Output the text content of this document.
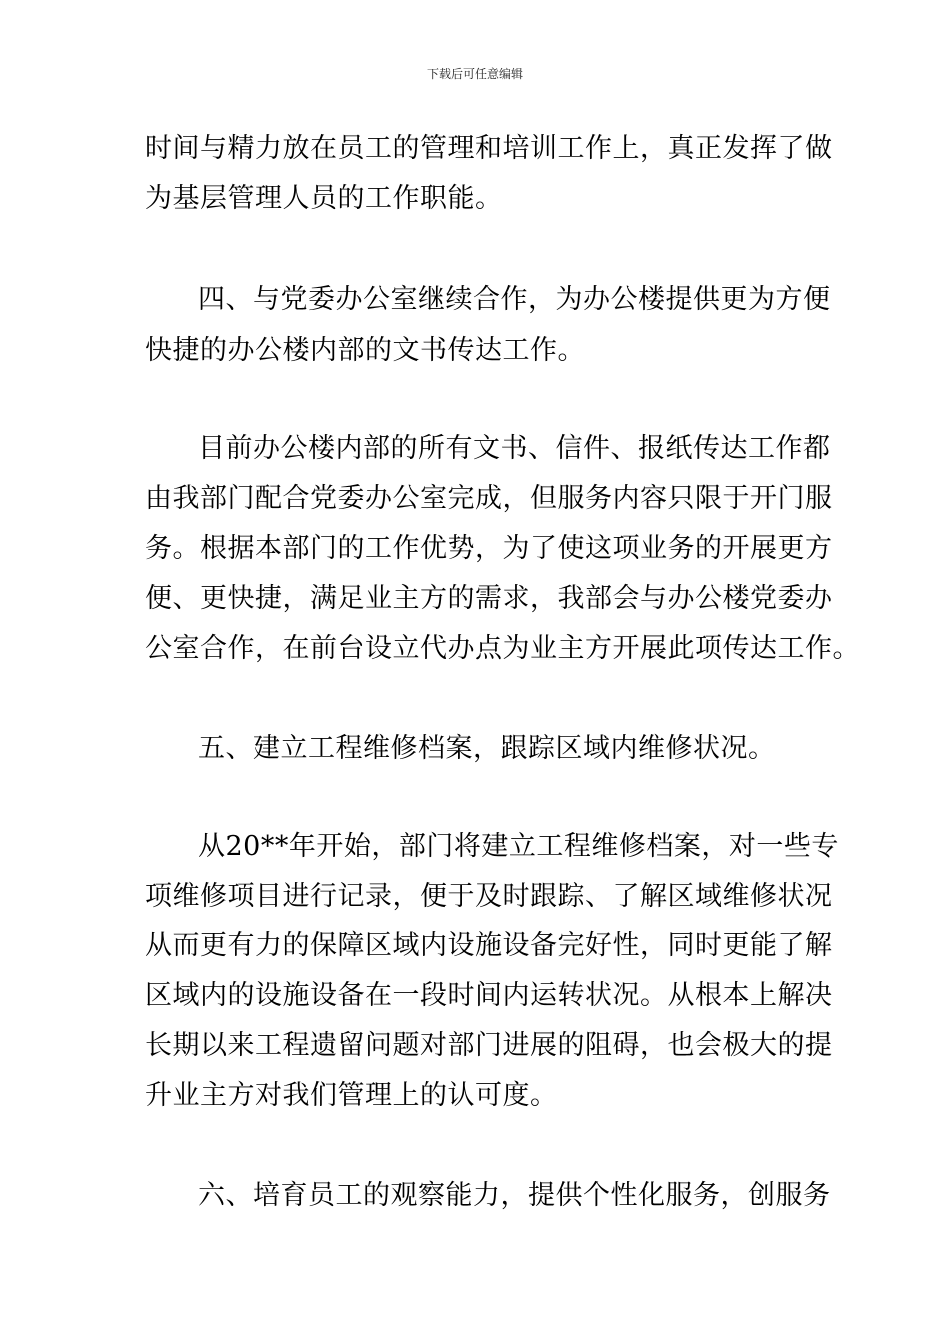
下载后可任意编辑
时间与精力放在员工的管理和培训工作上，真正发挥了做
为基层管理人员的工作职能。
四、与党委办公室继续合作，为办公楼提供更为方便
快捷的办公楼内部的文书传达工作。
目前办公楼内部的所有文书、信件、报纸传达工作都
由我部门配合党委办公室完成，但服务内容只限于开门服
务。根据本部门的工作优势，为了使这项业务的开展更方
便、更快捷，满足业主方的需求，我部会与办公楼党委办
公室合作，在前台设立代办点为业主方开展此项传达工作。
五、建立工程维修档案，跟踪区域内维修状况。
从20**年开始，部门将建立工程维修档案，对一些专
项维修项目进行记录，便于及时跟踪、了解区域维修状况
从而更有力的保障区域内设施设备完好性，同时更能了解
区域内的设施设备在一段时间内运转状况。从根本上解决
长期以来工程遗留问题对部门进展的阻碍，也会极大的提
升业主方对我们管理上的认可度。
六、培育员工的观察能力，提供个性化服务，创服务
